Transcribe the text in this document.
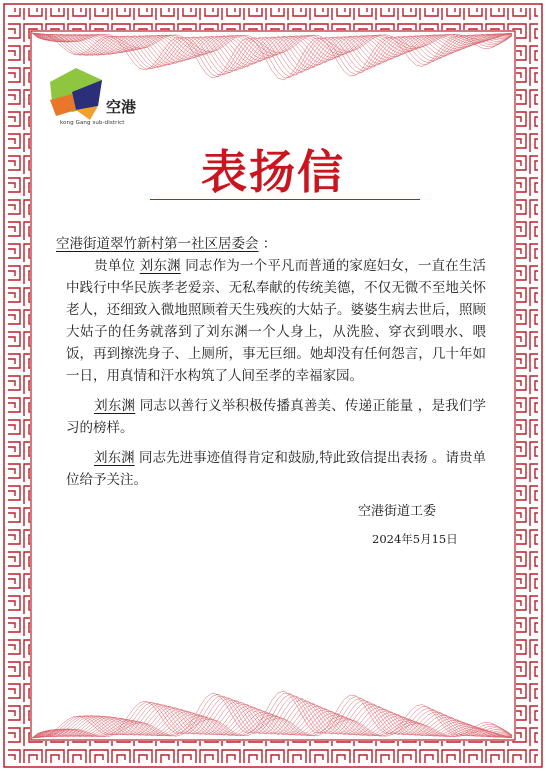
空港
kong Gang sub-district
表扬信
空港街道翠竹新村第一社区居委会 ：

贵单位 刘东渊 同志作为一个平凡而普通的家庭妇女，一直在生活中践行中华民族孝老爱亲、无私奉献的传统美德，不仅无微不至地关怀老人，还细致入微地照顾着天生残疾的大姑子。婆婆生病去世后，照顾大姑子的任务就落到了刘东渊一个人身上，从洗脸、穿衣到喂水、喂饭，再到擦洗身子、上厕所，事无巨细。她却没有任何怨言，几十年如一日，用真情和汗水构筑了人间至孝的幸福家园。

刘东渊 同志以善行义举积极传播真善美、传递正能量 ，是我们学习的榜样。

刘东渊 同志先进事迹值得肯定和鼓励,特此致信提出表扬 。请贵单位给予关注。

空港街道工委
2024年5月15日
